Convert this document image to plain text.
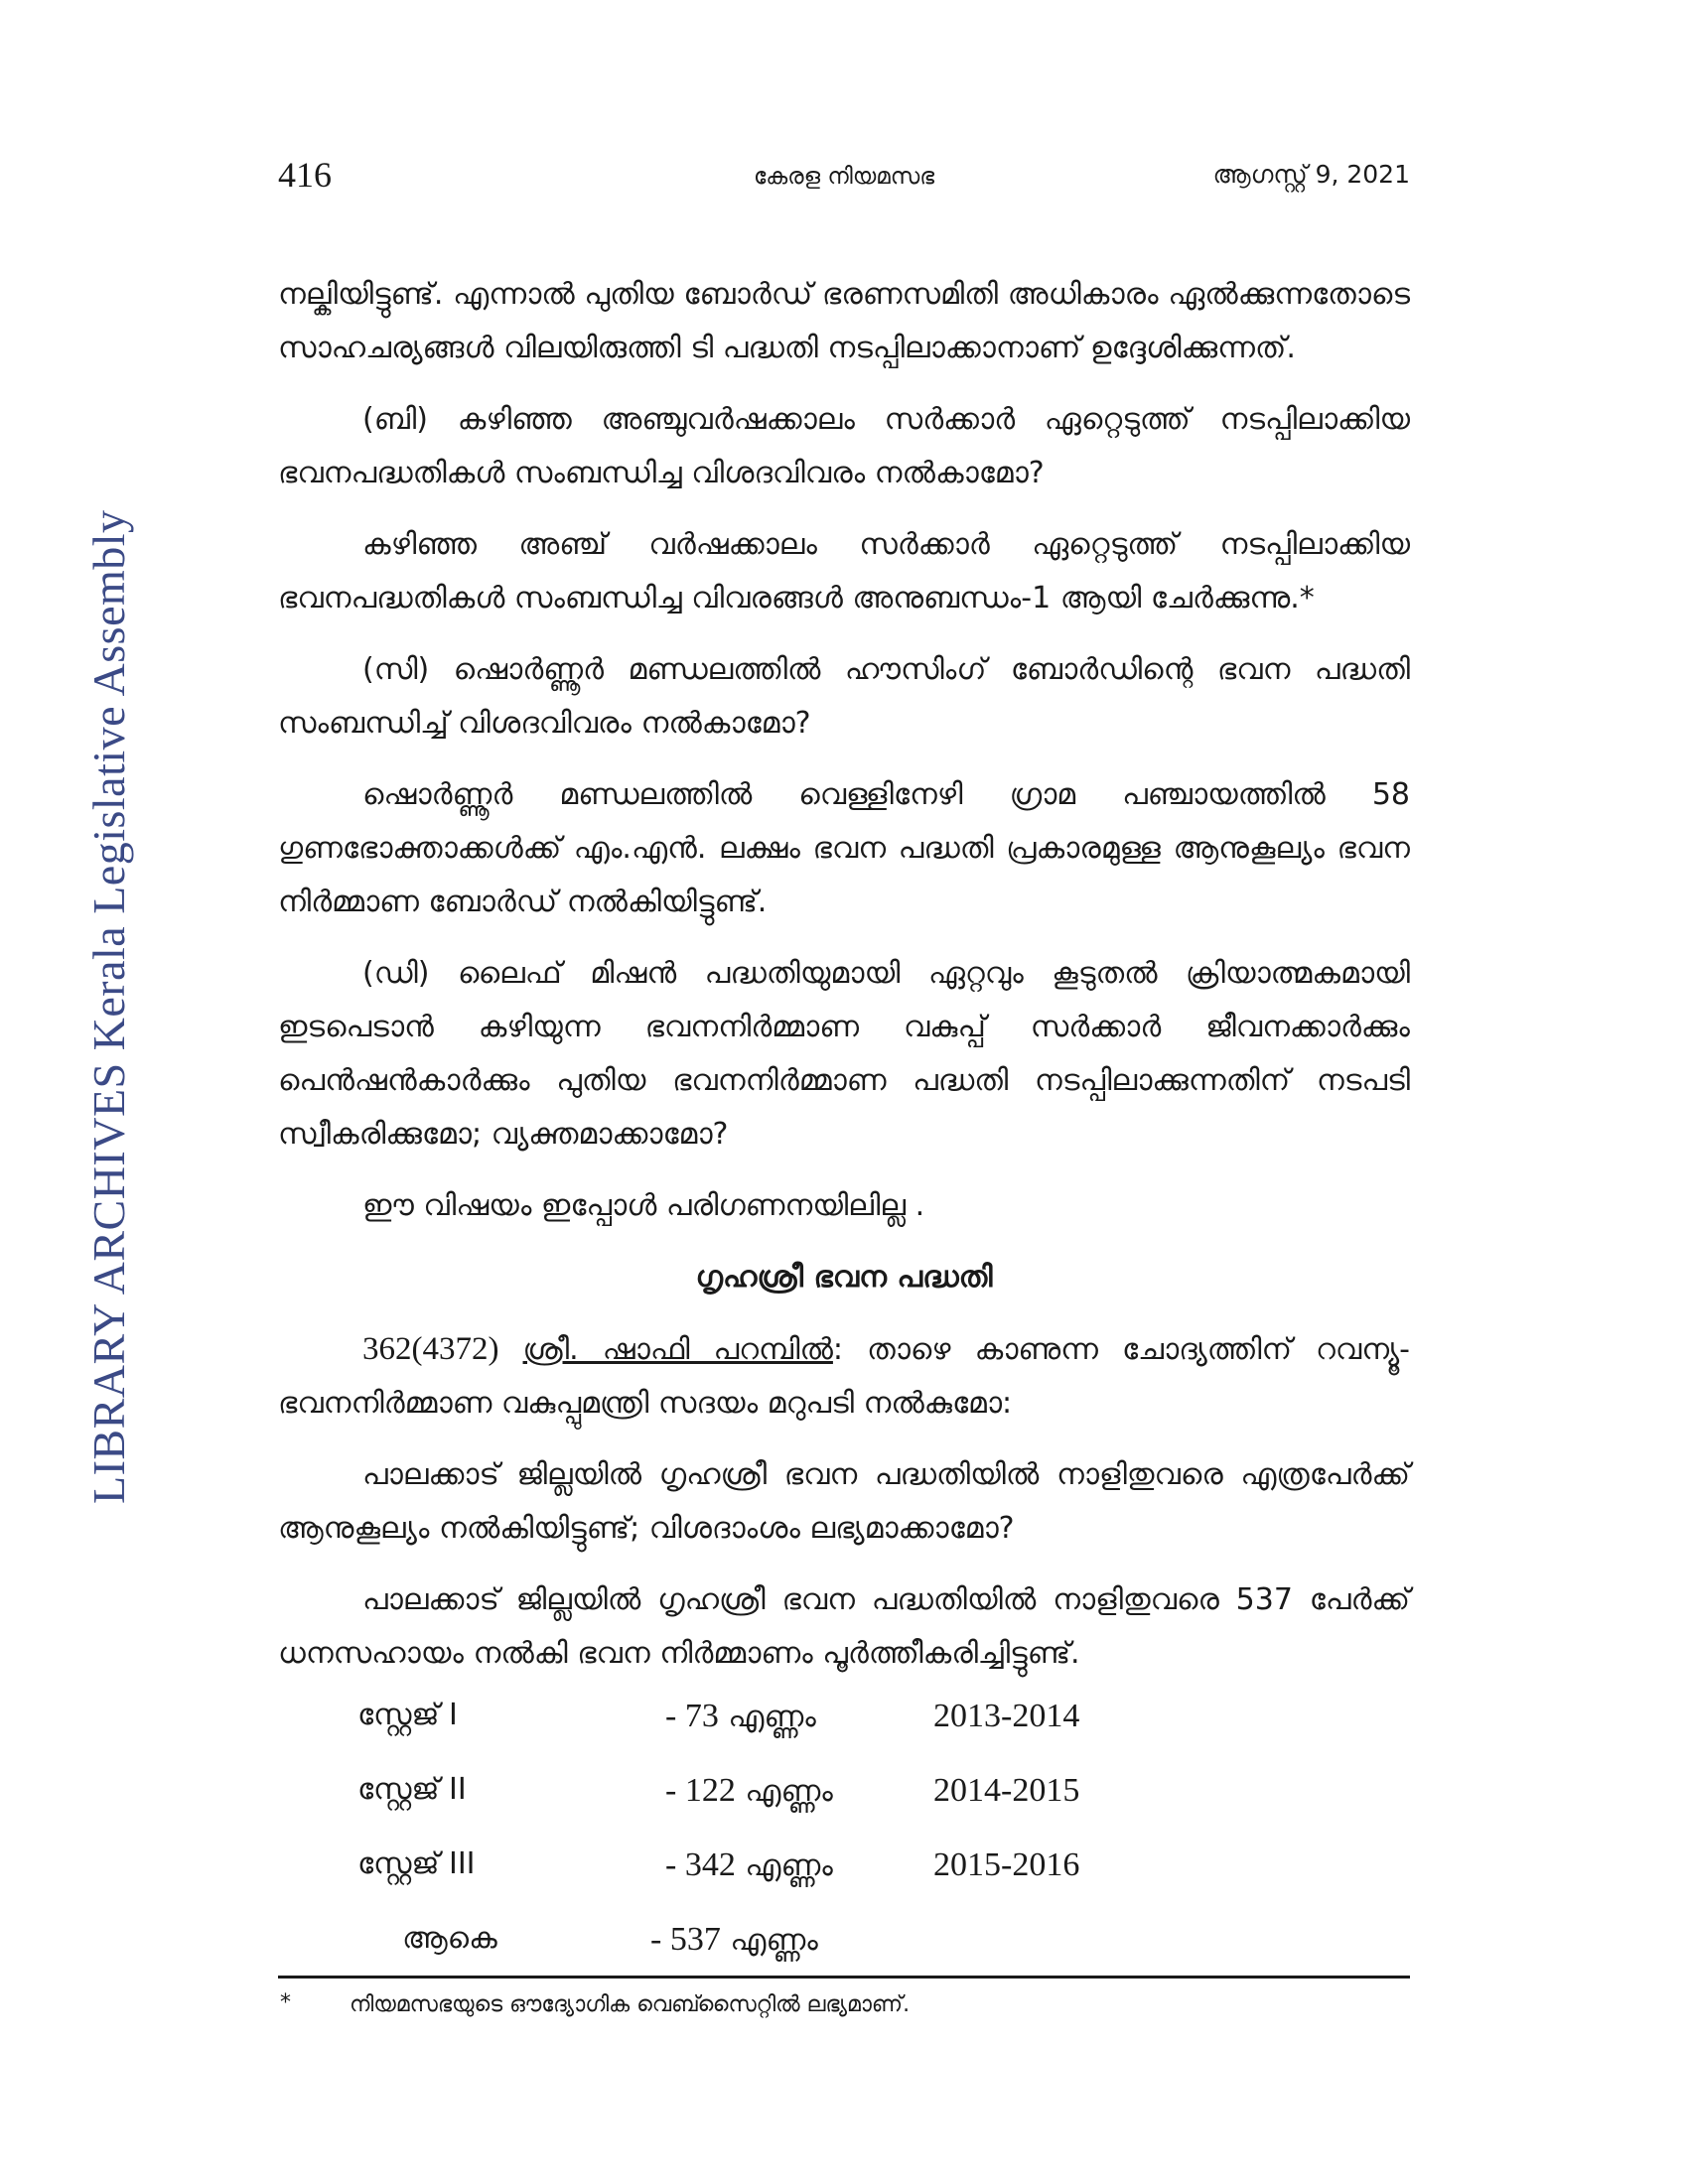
LIBRARY ARCHIVES Kerala Legislative Assembly
416	കേരള നിയമസഭ	ആഗസ്റ്റ് 9, 2021

നല്കിയിട്ടുണ്ട്. എന്നാൽ പുതിയ ബോർഡ് ഭരണസമിതി അധികാരം ഏൽക്കുന്നതോടെ സാഹചര്യങ്ങൾ വിലയിരുത്തി ടി പദ്ധതി നടപ്പിലാക്കാനാണ് ഉദ്ദേശിക്കുന്നത്.

(ബി) കഴിഞ്ഞ അഞ്ചുവർഷക്കാലം സർക്കാർ ഏറ്റെടുത്ത് നടപ്പിലാക്കിയ ഭവനപദ്ധതികൾ സംബന്ധിച്ച വിശദവിവരം നൽകാമോ?

കഴിഞ്ഞ അഞ്ച് വർഷക്കാലം സർക്കാർ ഏറ്റെടുത്ത് നടപ്പിലാക്കിയ ഭവനപദ്ധതികൾ സംബന്ധിച്ച വിവരങ്ങൾ അനുബന്ധം-1 ആയി ചേർക്കുന്നു.*

(സി) ഷൊർണ്ണൂർ മണ്ഡലത്തിൽ ഹൗസിംഗ് ബോർഡിന്റെ ഭവന പദ്ധതി സംബന്ധിച്ച് വിശദവിവരം നൽകാമോ?

ഷൊർണ്ണൂർ മണ്ഡലത്തിൽ വെള്ളിനേഴി ഗ്രാമ പഞ്ചായത്തിൽ 58 ഗുണഭോക്താക്കൾക്ക് എം.എൻ. ലക്ഷം ഭവന പദ്ധതി പ്രകാരമുള്ള ആനുകൂല്യം ഭവന നിർമ്മാണ ബോർഡ് നൽകിയിട്ടുണ്ട്.

(ഡി) ലൈഫ് മിഷൻ പദ്ധതിയുമായി ഏറ്റവും കൂടുതൽ ക്രിയാത്മകമായി ഇടപെടാൻ കഴിയുന്ന ഭവനനിർമ്മാണ വകുപ്പ് സർക്കാർ ജീവനക്കാർക്കും പെൻഷൻകാർക്കും പുതിയ ഭവനനിർമ്മാണ പദ്ധതി നടപ്പിലാക്കുന്നതിന് നടപടി സ്വീകരിക്കുമോ; വ്യക്തമാക്കാമോ?

ഈ വിഷയം ഇപ്പോൾ പരിഗണനയിലില്ല .

ഗൃഹശ്രീ ഭവന പദ്ധതി

362(4372) ശ്രീ. ഷാഫി പറമ്പിൽ: താഴെ കാണുന്ന ചോദ്യത്തിന് റവന്യൂ-ഭവനനിർമ്മാണ വകുപ്പുമന്ത്രി സദയം മറുപടി നൽകുമോ:

പാലക്കാട് ജില്ലയിൽ ഗൃഹശ്രീ ഭവന പദ്ധതിയിൽ നാളിതുവരെ എത്രപേർക്ക് ആനുകൂല്യം നൽകിയിട്ടുണ്ട്; വിശദാംശം ലഭ്യമാക്കാമോ?

പാലക്കാട് ജില്ലയിൽ ഗൃഹശ്രീ ഭവന പദ്ധതിയിൽ നാളിതുവരെ 537 പേർക്ക് ധനസഹായം നൽകി ഭവന നിർമ്മാണം പൂർത്തീകരിച്ചിട്ടുണ്ട്.

സ്റ്റേജ് I	- 73 എണ്ണം	2013-2014
സ്റ്റേജ് II	- 122 എണ്ണം	2014-2015
സ്റ്റേജ് III	- 342 എണ്ണം	2015-2016
ആകെ	- 537 എണ്ണം
*	നിയമസഭയുടെ ഔദ്യോഗിക വെബ്സൈറ്റിൽ ലഭ്യമാണ്.
